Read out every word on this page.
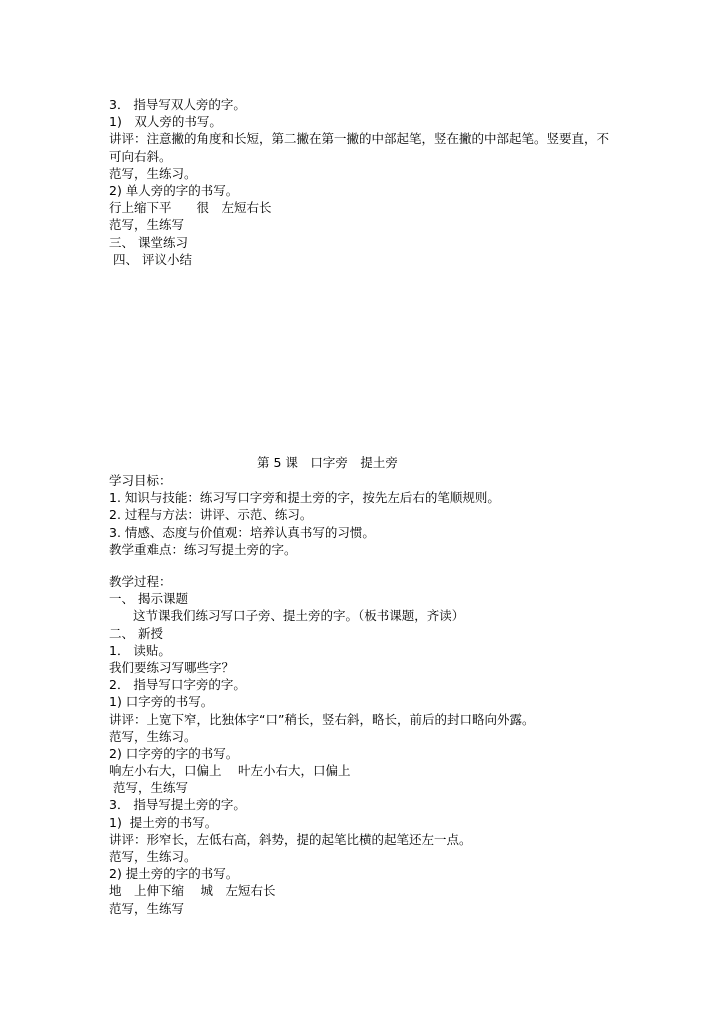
3． 指导写双人旁的字。
1)　双人旁的书写。
讲评：注意撇的角度和长短，第二撇在第一撇的中部起笔，竖在撇的中部起笔。竖要直，不可向右斜。
范写，生练习。
2) 单人旁的字的书写。
行上缩下平　　很　左短右长
范写，生练写
三、 课堂练习
四、 评议小结
第 5 课　口字旁　提土旁
学习目标：
1. 知识与技能：练习写口字旁和提土旁的字，按先左后右的笔顺规则。
2. 过程与方法：讲评、示范、练习。
3. 情感、态度与价值观：培养认真书写的习惯。
教学重难点：练习写提土旁的字。
教学过程：
一、 揭示课题
这节课我们练习写口子旁、提土旁的字。（板书课题，齐读）
二、 新授
1． 读贴。
我们要练习写哪些字？
2． 指导写口字旁的字。
1) 口字旁的书写。
讲评：上宽下窄，比独体字“口”稍长，竖右斜，略长，前后的封口略向外露。
范写，生练习。
2) 口字旁的字的书写。
响左小右大，口偏上　 叶左小右大，口偏上
范写，生练写
3． 指导写提土旁的字。
1)  提土旁的书写。
讲评：形窄长，左低右高，斜势，提的起笔比横的起笔还左一点。
范写，生练习。
2) 提土旁的字的书写。
地　上伸下缩　 城　左短右长
范写，生练写
